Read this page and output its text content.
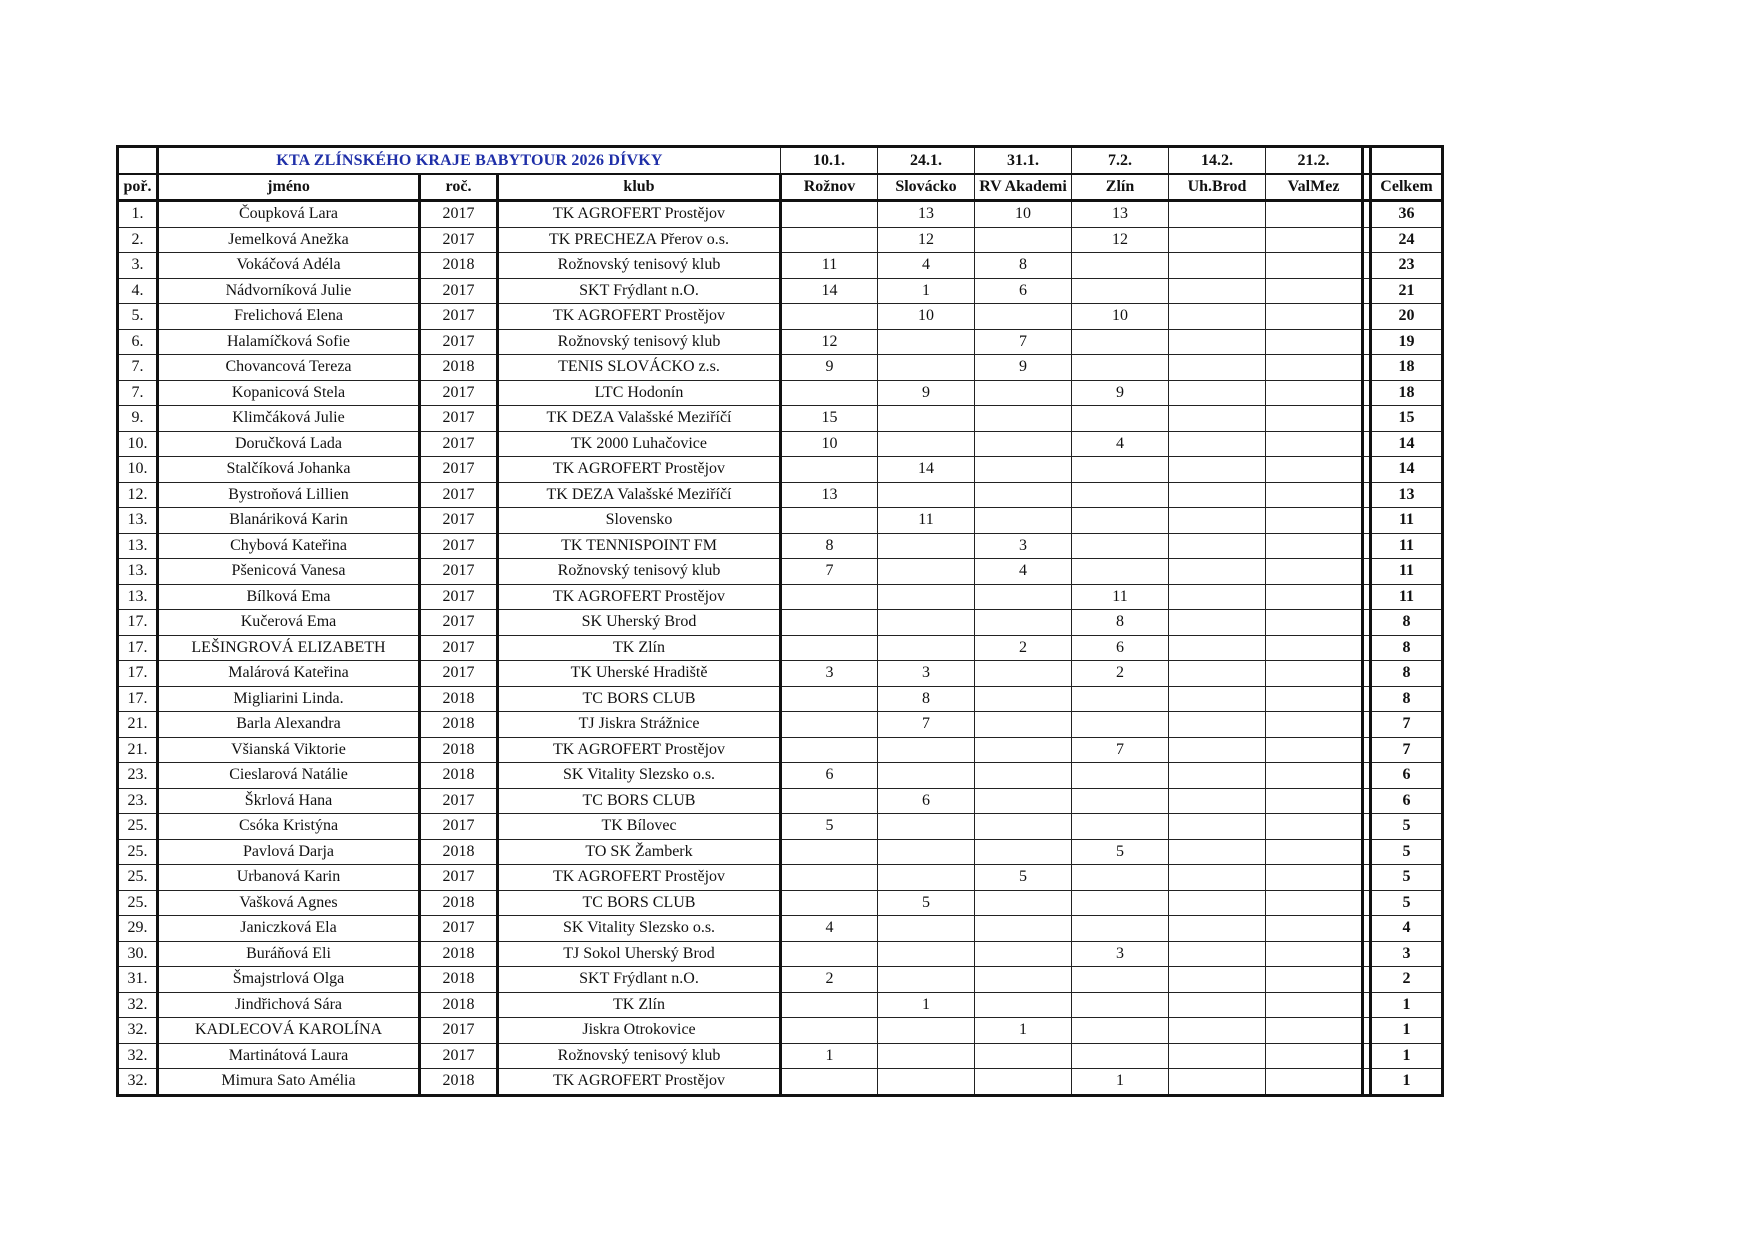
	KTA ZLÍNSKÉHO KRAJE BABYTOUR 2026 DÍVKY			10.1.	24.1.	31.1.	7.2.	14.2.	21.2.		
poř.	jméno	roč.	klub	Rožnov	Slovácko	RV Akademi	Zlín	Uh.Brod	ValMez		Celkem
1.	Čoupková Lara	2017	TK AGROFERT Prostějov		13	10	13				36
2.	Jemelková Anežka	2017	TK PRECHEZA Přerov o.s.		12		12				24
3.	Vokáčová Adéla	2018	Rožnovský tenisový klub	11	4	8					23
4.	Nádvorníková Julie	2017	SKT Frýdlant n.O.	14	1	6					21
5.	Frelichová Elena	2017	TK AGROFERT Prostějov		10		10				20
6.	Halamíčková Sofie	2017	Rožnovský tenisový klub	12		7					19
7.	Chovancová Tereza	2018	TENIS SLOVÁCKO z.s.	9		9					18
7.	Kopanicová Stela	2017	LTC Hodonín		9		9				18
9.	Klimčáková Julie	2017	TK DEZA Valašské Meziříčí	15							15
10.	Doručková Lada	2017	TK 2000 Luhačovice	10			4				14
10.	Stalčíková Johanka	2017	TK AGROFERT Prostějov		14						14
12.	Bystroňová Lillien	2017	TK DEZA Valašské Meziříčí	13							13
13.	Blanáriková Karin	2017	Slovensko		11						11
13.	Chybová Kateřina	2017	TK TENNISPOINT FM	8		3					11
13.	Pšenicová Vanesa	2017	Rožnovský tenisový klub	7		4					11
13.	Bílková Ema	2017	TK AGROFERT Prostějov				11				11
17.	Kučerová Ema	2017	SK Uherský Brod				8				8
17.	LEŠINGROVÁ ELIZABETH	2017	TK Zlín			2	6				8
17.	Malárová Kateřina	2017	TK Uherské Hradiště	3	3		2				8
17.	Migliarini Linda.	2018	TC BORS CLUB		8						8
21.	Barla Alexandra	2018	TJ Jiskra Strážnice		7						7
21.	Všianská Viktorie	2018	TK AGROFERT Prostějov				7				7
23.	Cieslarová Natálie	2018	SK Vitality Slezsko o.s.	6							6
23.	Škrlová Hana	2017	TC BORS CLUB		6						6
25.	Csóka Kristýna	2017	TK Bílovec	5							5
25.	Pavlová Darja	2018	TO SK Žamberk				5				5
25.	Urbanová Karin	2017	TK AGROFERT Prostějov			5					5
25.	Vašková Agnes	2018	TC BORS CLUB		5						5
29.	Janiczková Ela	2017	SK Vitality Slezsko o.s.	4							4
30.	Buráňová Eli	2018	TJ Sokol Uherský Brod				3				3
31.	Šmajstrlová Olga	2018	SKT Frýdlant n.O.	2							2
32.	Jindřichová Sára	2018	TK Zlín		1						1
32.	KADLECOVÁ KAROLÍNA	2017	Jiskra Otrokovice			1					1
32.	Martinátová Laura	2017	Rožnovský tenisový klub	1							1
32.	Mimura Sato Amélia	2018	TK AGROFERT Prostějov				1				1
